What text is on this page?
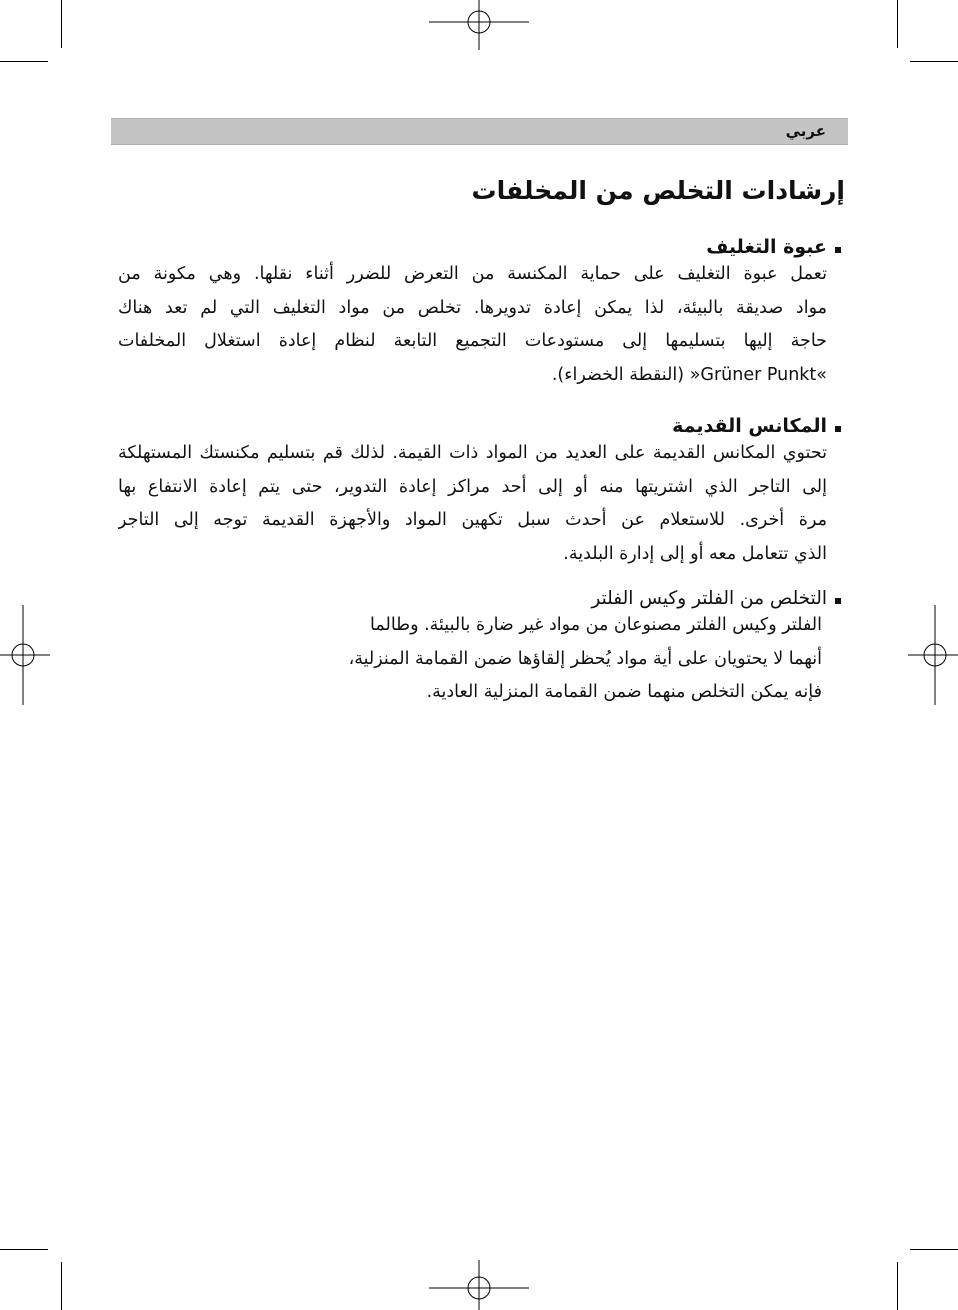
عربي
إرشادات التخلص من المخلفات
عبوة التغليف
تعمل عبوة التغليف على حماية المكنسة من التعرض للضرر أثناء نقلها. وهي مكونة من
مواد صديقة بالبيئة، لذا يمكن إعادة تدويرها. تخلص من مواد التغليف التي لم تعد هناك
حاجة إليها بتسليمها إلى مستودعات التجميع التابعة لنظام إعادة استغلال المخلفات
»Grüner Punkt« (النقطة الخضراء).
المكانس القديمة
تحتوي المكانس القديمة على العديد من المواد ذات القيمة. لذلك قم بتسليم مكنستك المستهلكة
إلى التاجر الذي اشتريتها منه أو إلى أحد مراكز إعادة التدوير، حتى يتم إعادة الانتفاع بها
مرة أخرى. للاستعلام عن أحدث سبل تكهين المواد والأجهزة القديمة توجه إلى التاجر
الذي تتعامل معه أو إلى إدارة البلدية.
التخلص من الفلتر وكيس الفلتر
الفلتر وكيس الفلتر مصنوعان من مواد غير ضارة بالبيئة. وطالما
أنهما لا يحتويان على أية مواد يُحظر إلقاؤها ضمن القمامة المنزلية،
فإنه يمكن التخلص منهما ضمن القمامة المنزلية العادية.
